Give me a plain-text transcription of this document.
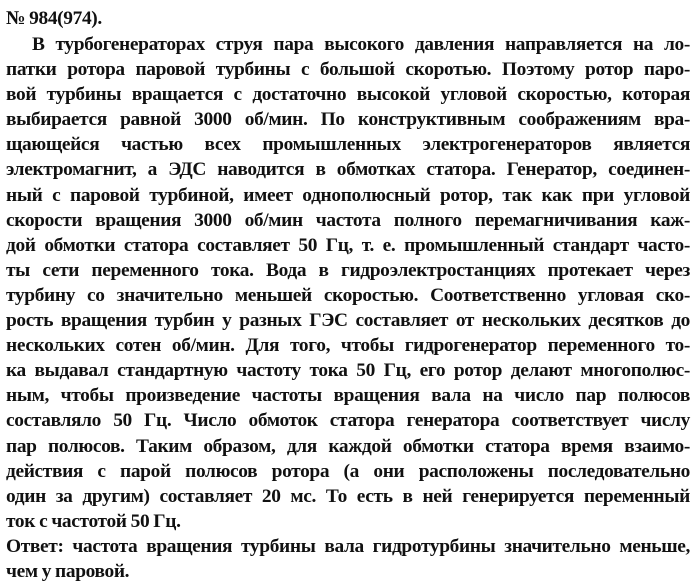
№ 984(974).
В турбогенераторах струя пара высокого давления направляется на ло-
патки ротора паровой турбины с большой скоротью. Поэтому ротор паро-
вой турбины вращается с достаточно высокой угловой скоростью, которая
выбирается равной 3000 об/мин. По конструктивным соображениям вра-
щающейся частью всех промышленных электрогенераторов является
электромагнит, а ЭДС наводится в обмотках статора. Генератор, соединен-
ный с паровой турбиной, имеет однополюсный ротор, так как при угловой
скорости вращения 3000 об/мин частота полного перемагничивания каж-
дой обмотки статора составляет 50 Гц, т. е. промышленный стандарт часто-
ты сети переменного тока. Вода в гидроэлектростанциях протекает через
турбину со значительно меньшей скоростью. Соответственно угловая ско-
рость вращения турбин у разных ГЭС составляет от нескольких десятков до
нескольких сотен об/мин. Для того, чтобы гидрогенератор переменного то-
ка выдавал стандартную частоту тока 50 Гц, его ротор делают многополюс-
ным, чтобы произведение частоты вращения вала на число пар полюсов
составляло 50 Гц. Число обмоток статора генератора соответствует числу
пар полюсов. Таким образом, для каждой обмотки статора время взаимо-
действия с парой полюсов ротора (а они расположены последовательно
один за другим) составляет 20 мс. То есть в ней генерируется переменный
ток с частотой 50 Гц.
Ответ: частота вращения турбины вала гидротурбины значительно меньше,
чем у паровой.
